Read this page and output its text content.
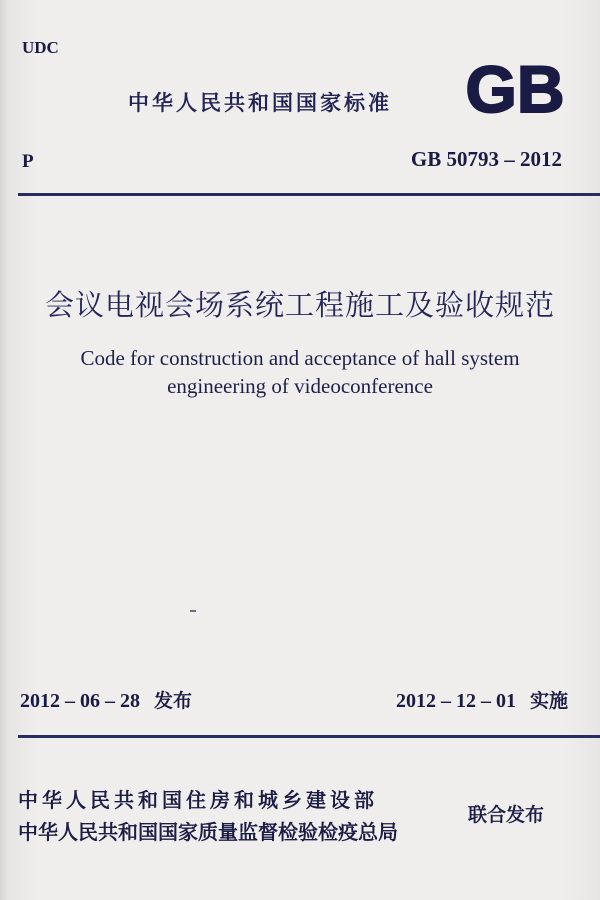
UDC
中华人民共和国国家标准 GB
P	GB 50793 – 2012
会议电视会场系统工程施工及验收规范
Code for construction and acceptance of hall system
engineering of videoconference
2012 – 06 – 28 发布	2012 – 12 – 01 实施
中华人民共和国住房和城乡建设部
中华人民共和国国家质量监督检验检疫总局
联合发布
